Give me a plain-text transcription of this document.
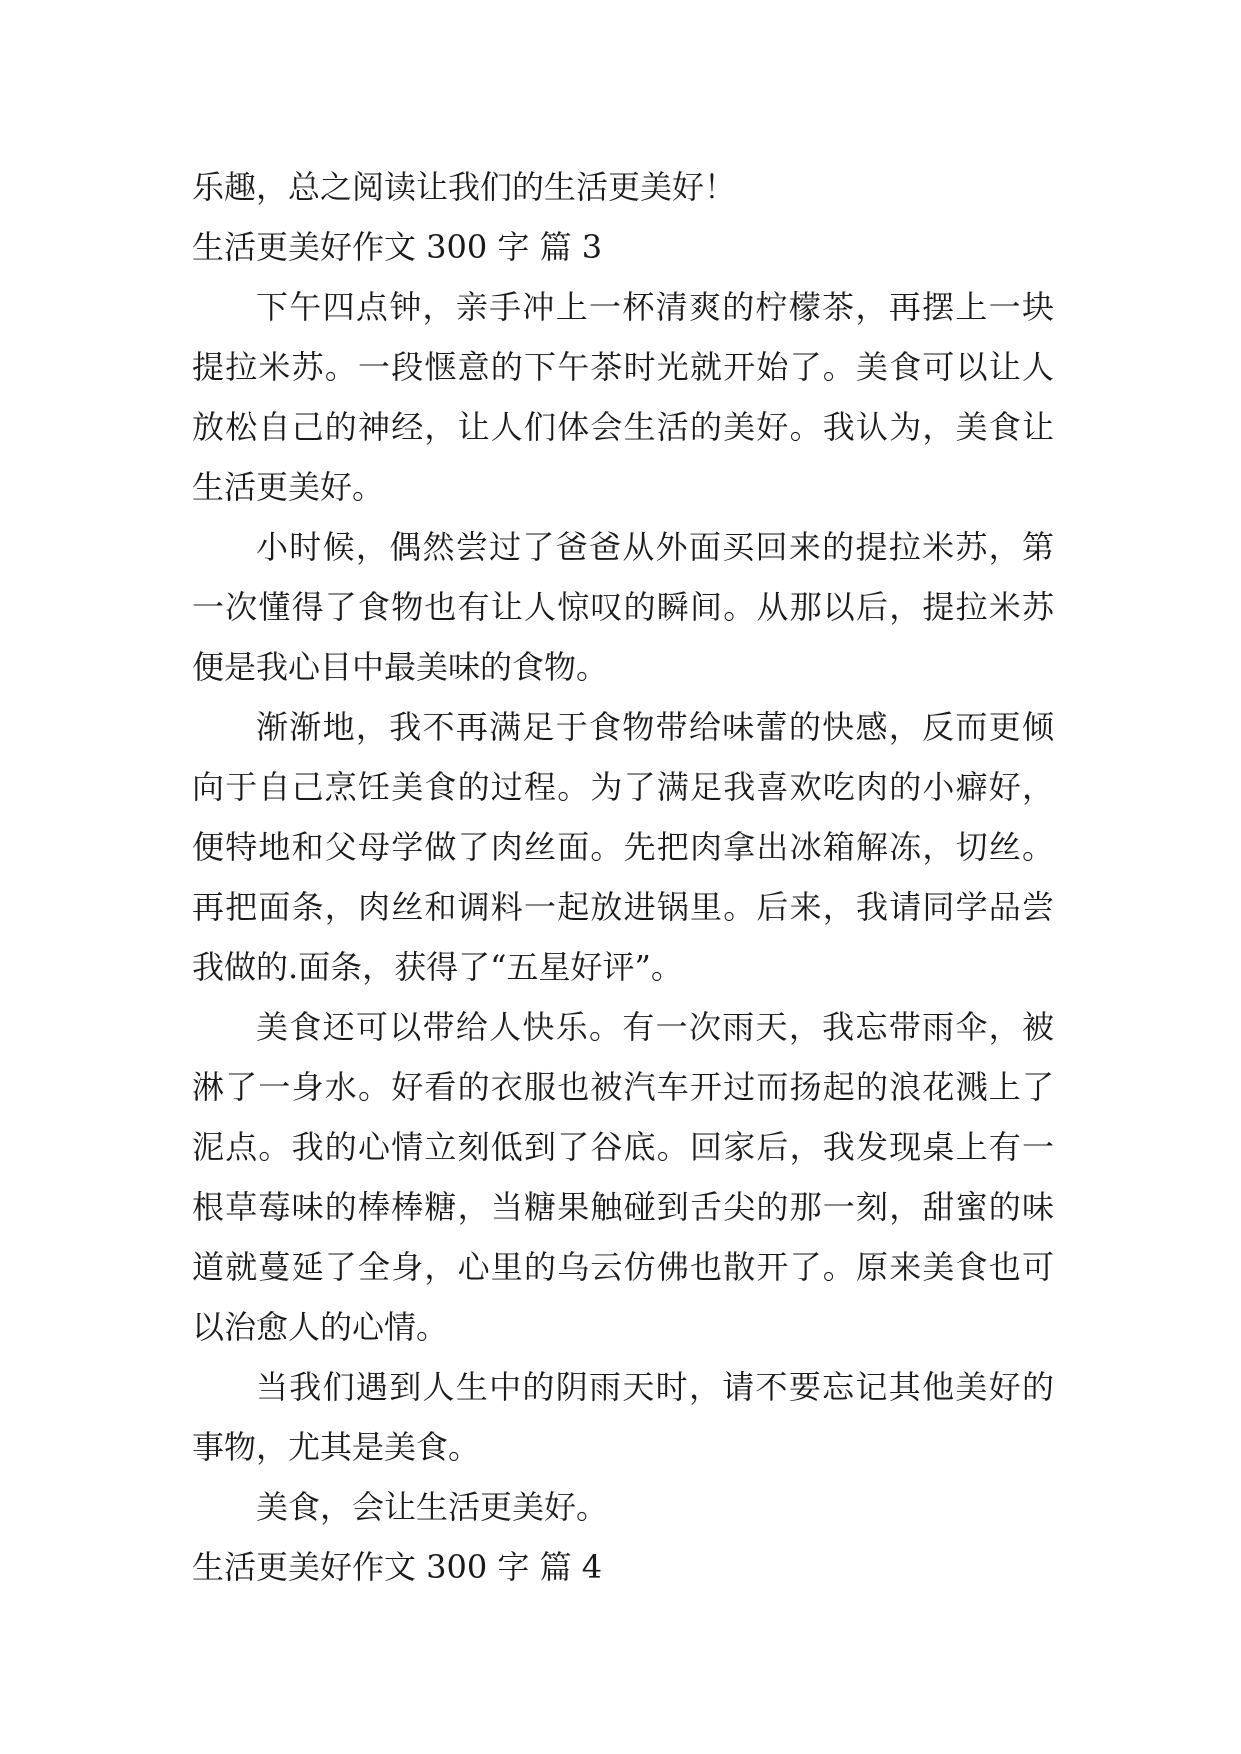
乐趣，总之阅读让我们的生活更美好！
生活更美好作文 300 字 篇 3
下午四点钟，亲手冲上一杯清爽的柠檬茶，再摆上一块
提拉米苏。一段惬意的下午茶时光就开始了。美食可以让人
放松自己的神经，让人们体会生活的美好。我认为，美食让
生活更美好。
小时候，偶然尝过了爸爸从外面买回来的提拉米苏，第
一次懂得了食物也有让人惊叹的瞬间。从那以后，提拉米苏
便是我心目中最美味的食物。
渐渐地，我不再满足于食物带给味蕾的快感，反而更倾
向于自己烹饪美食的过程。为了满足我喜欢吃肉的小癖好，
便特地和父母学做了肉丝面。先把肉拿出冰箱解冻，切丝。
再把面条，肉丝和调料一起放进锅里。后来，我请同学品尝
我做的.面条，获得了“五星好评”。
美食还可以带给人快乐。有一次雨天，我忘带雨伞，被
淋了一身水。好看的衣服也被汽车开过而扬起的浪花溅上了
泥点。我的心情立刻低到了谷底。回家后，我发现桌上有一
根草莓味的棒棒糖，当糖果触碰到舌尖的那一刻，甜蜜的味
道就蔓延了全身，心里的乌云仿佛也散开了。原来美食也可
以治愈人的心情。
当我们遇到人生中的阴雨天时，请不要忘记其他美好的
事物，尤其是美食。
美食，会让生活更美好。
生活更美好作文 300 字 篇 4
